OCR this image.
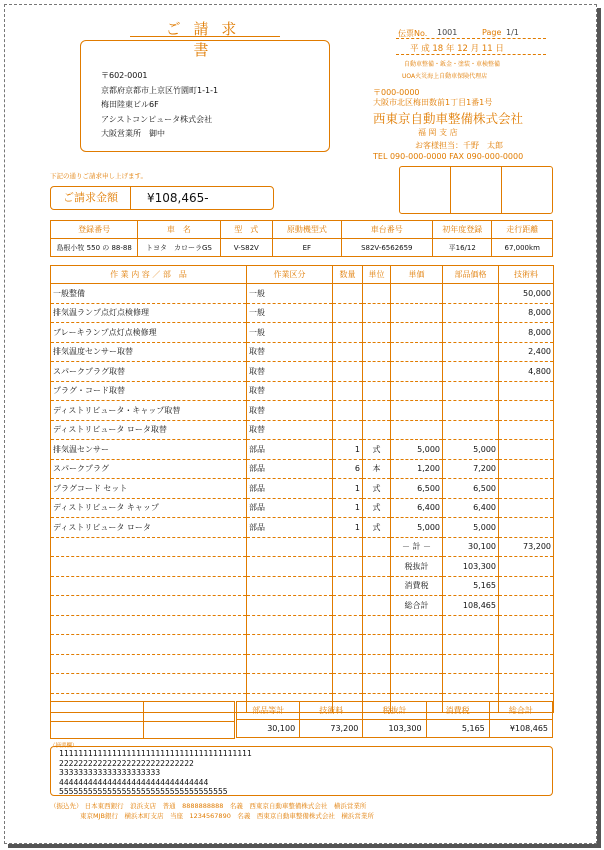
ご 請 求 書
〒602-0001
京都府京都市上京区竹園町1-1-1
梅田陸東ビル6F
アシストコンピュータ株式会社
大阪営業所　御中
下記の通りご請求申し上げます。
ご請求金額	¥108,465-
伝票No. 1001	Page 1/1
平 成 18 年 12 月 11 日
自動車整備・鈑金・塗装・車検整備
UOA火災海上自動車保険代理店
〒000-0000
大阪市北区梅田数前1丁目1番1号
西東京自動車整備株式会社
福 岡 支 店
お客様担当：千野　太郎
TEL 090-000-0000 FAX 090-000-0000
登録番号	車　名	型　式	原動機型式	車台番号	初年度登録	走行距離
島根小牧 550 の 88-88	トヨタ　カローラGS	V-S82V	EF	S82V-6562659	平16/12	67,000km
作 業 内 容 ／ 部　品	作業区分	数量	単位	単価	部品価格	技術料
一般整備	一般					50,000
排気温ランプ点灯点検修理	一般					8,000
ブレーキランプ点灯点検修理	一般					8,000
排気温度センサー取替	取替					2,400
スパークプラグ取替	取替					4,800
プラグ・コード取替	取替					
ディストリビュータ・キャップ取替	取替					
ディストリビュータ ロータ取替	取替					
排気温センサー	部品	1	式	5,000	5,000	
スパークプラグ	部品	6	本	1,200	7,200	
プラグコード セット	部品	1	式	6,500	6,500	
ディストリビュータ キャップ	部品	1	式	6,400	6,400	
ディストリビュータ ロータ	部品	1	式	5,000	5,000	
				－ 計 －	30,100	73,200
				税抜計	103,300	
				消費税	5,165	
				総合計	108,465	

部品等計	技術料	税抜計	消費税	総合計
30,100	73,200	103,300	5,165	¥108,465
（摘要欄）
1111111111111111111111111111111111111111
2222222222222222222222222222
333333333333333333333
4444444444444444444444444444444
55555555555555555555555555555555555
（振込先） 日本東西銀行　浪浜支店　普通　8888888888　名義　西東京自動車整備株式会社　横浜営業所
東京MJB銀行　横浜本町支店　当座　1234567890　名義　西東京自動車整備株式会社　横浜営業所
